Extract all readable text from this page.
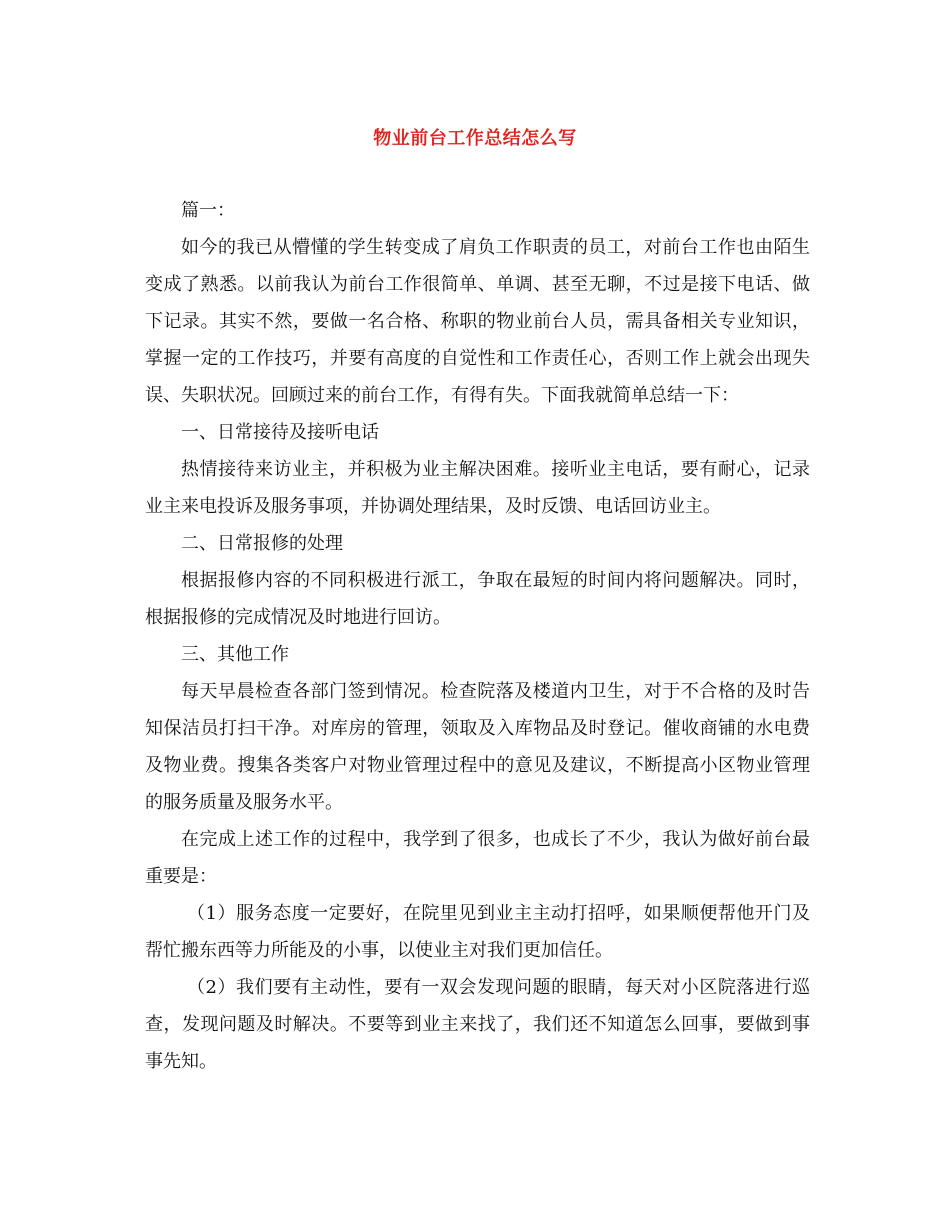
物业前台工作总结怎么写

篇一：

如今的我已从懵懂的学生转变成了肩负工作职责的员工，对前台工作也由陌生变成了熟悉。以前我认为前台工作很简单、单调、甚至无聊，不过是接下电话、做下记录。其实不然，要做一名合格、称职的物业前台人员，需具备相关专业知识，掌握一定的工作技巧，并要有高度的自觉性和工作责任心，否则工作上就会出现失误、失职状况。回顾过来的前台工作，有得有失。下面我就简单总结一下：

一、日常接待及接听电话

热情接待来访业主，并积极为业主解决困难。接听业主电话，要有耐心，记录业主来电投诉及服务事项，并协调处理结果，及时反馈、电话回访业主。

二、日常报修的处理

根据报修内容的不同积极进行派工，争取在最短的时间内将问题解决。同时，根据报修的完成情况及时地进行回访。

三、其他工作

每天早晨检查各部门签到情况。检查院落及楼道内卫生，对于不合格的及时告知保洁员打扫干净。对库房的管理，领取及入库物品及时登记。催收商铺的水电费及物业费。搜集各类客户对物业管理过程中的意见及建议，不断提高小区物业管理的服务质量及服务水平。

在完成上述工作的过程中，我学到了很多，也成长了不少，我认为做好前台最重要是：

（1）服务态度一定要好，在院里见到业主主动打招呼，如果顺便帮他开门及帮忙搬东西等力所能及的小事，以使业主对我们更加信任。

（2）我们要有主动性，要有一双会发现问题的眼睛，每天对小区院落进行巡查，发现问题及时解决。不要等到业主来找了，我们还不知道怎么回事，要做到事事先知。
